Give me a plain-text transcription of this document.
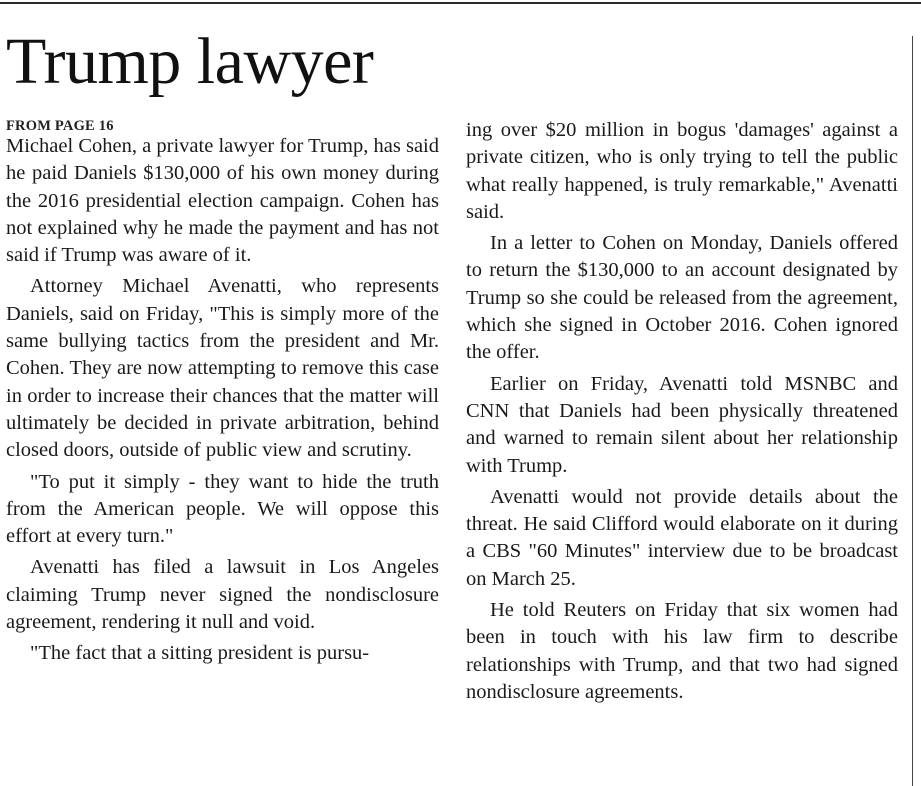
Trump lawyer
FROM PAGE 16

Michael Cohen, a private lawyer for Trump, has said he paid Daniels $130,000 of his own money during the 2016 presidential election campaign. Cohen has not explained why he made the payment and has not said if Trump was aware of it.

Attorney Michael Avenatti, who represents Daniels, said on Friday, "This is simply more of the same bullying tactics from the president and Mr. Cohen. They are now attempting to remove this case in order to increase their chances that the matter will ultimately be decided in private arbitration, behind closed doors, outside of public view and scrutiny.

"To put it simply - they want to hide the truth from the American people. We will oppose this effort at every turn."

Avenatti has filed a lawsuit in Los Angeles claiming Trump never signed the nondisclosure agreement, rendering it null and void.

"The fact that a sitting president is pursu-

ing over $20 million in bogus 'damages' against a private citizen, who is only trying to tell the public what really happened, is truly remarkable," Avenatti said.

In a letter to Cohen on Monday, Daniels offered to return the $130,000 to an account designated by Trump so she could be released from the agreement, which she signed in October 2016. Cohen ignored the offer.

Earlier on Friday, Avenatti told MSNBC and CNN that Daniels had been physically threatened and warned to remain silent about her relationship with Trump.

Avenatti would not provide details about the threat. He said Clifford would elaborate on it during a CBS "60 Minutes" interview due to be broadcast on March 25.

He told Reuters on Friday that six women had been in touch with his law firm to describe relationships with Trump, and that two had signed nondisclosure agreements.
